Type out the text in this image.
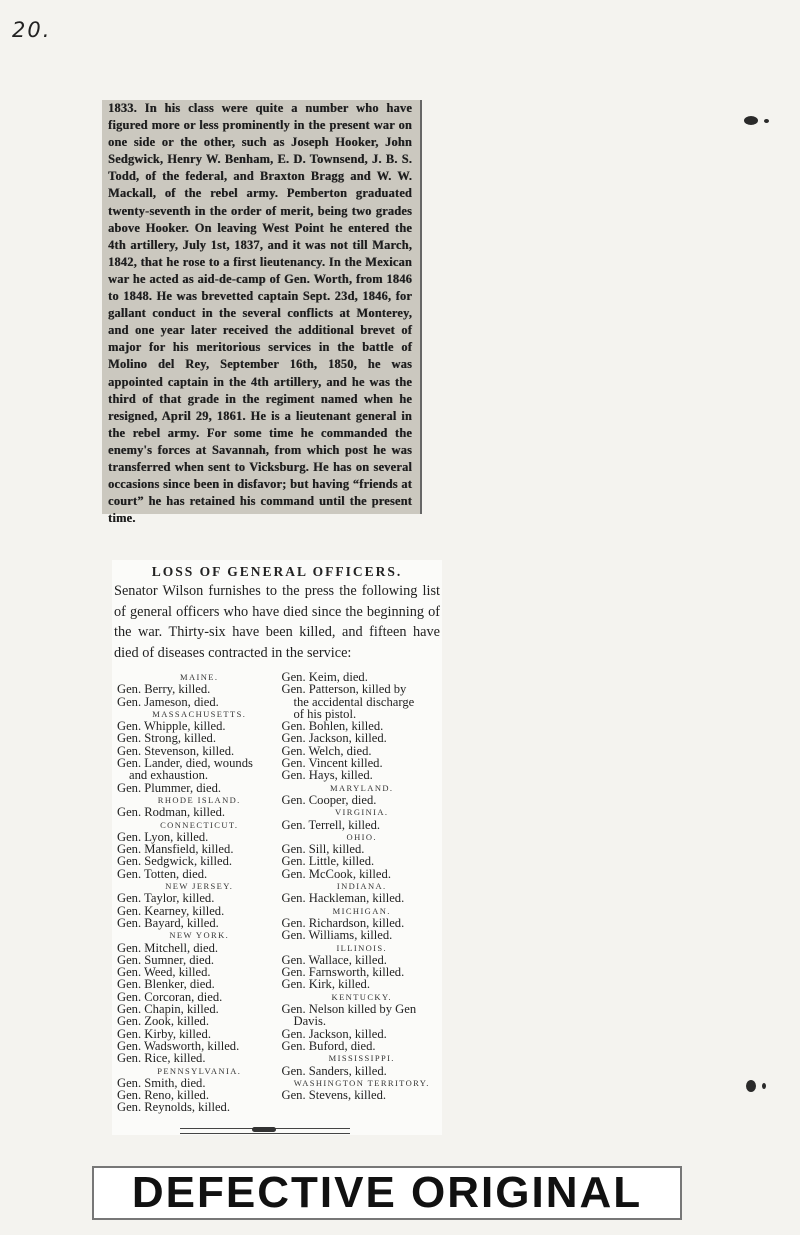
20.

1833. In his class were quite a number who have figured more or less prominently in the present war on one side or the other, such as Joseph Hooker, John Sedgwick, Henry W. Benham, E. D. Townsend, J. B. S. Todd, of the federal, and Braxton Bragg and W. W. Mackall, of the rebel army. Pemberton graduated twenty-seventh in the order of merit, being two grades above Hooker. On leaving West Point he entered the 4th artillery, July 1st, 1837, and it was not till March, 1842, that he rose to a first lieutenancy. In the Mexican war he acted as aid-de-camp of Gen. Worth, from 1846 to 1848. He was brevetted captain Sept. 23d, 1846, for gallant conduct in the several conflicts at Monterey, and one year later received the additional brevet of major for his meritorious services in the battle of Molino del Rey, September 16th, 1850, he was appointed captain in the 4th artillery, and he was the third of that grade in the regiment named when he resigned, April 29, 1861. He is a lieutenant general in the rebel army. For some time he commanded the enemy's forces at Savannah, from which post he was transferred when sent to Vicksburg. He has on several occasions since been in disfavor; but having “friends at court” he has retained his command until the present time.

LOSS OF GENERAL OFFICERS.

Senator Wilson furnishes to the press the following list of general officers who have died since the beginning of the war. Thirty-six have been killed, and fifteen have died of diseases contracted in the service:

MAINE.
Gen. Berry, killed.
Gen. Jameson, died.
MASSACHUSETTS.
Gen. Whipple, killed.
Gen. Strong, killed.
Gen. Stevenson, killed.
Gen. Lander, died, wounds
and exhaustion.
Gen. Plummer, died.
RHODE ISLAND.
Gen. Rodman, killed.
CONNECTICUT.
Gen. Lyon, killed.
Gen. Mansfield, killed.
Gen. Sedgwick, killed.
Gen. Totten, died.
NEW JERSEY.
Gen. Taylor, killed.
Gen. Kearney, killed.
Gen. Bayard, killed.
NEW YORK.
Gen. Mitchell, died.
Gen. Sumner, died.
Gen. Weed, killed.
Gen. Blenker, died.
Gen. Corcoran, died.
Gen. Chapin, killed.
Gen. Zook, killed.
Gen. Kirby, killed.
Gen. Wadsworth, killed.
Gen. Rice, killed.
PENNSYLVANIA.
Gen. Smith, died.
Gen. Reno, killed.
Gen. Reynolds, killed.
Gen. Keim, died.
Gen. Patterson, killed by
the accidental discharge
of his pistol.
Gen. Bohlen, killed.
Gen. Jackson, killed.
Gen. Welch, died.
Gen. Vincent killed.
Gen. Hays, killed.
MARYLAND.
Gen. Cooper, died.
VIRGINIA.
Gen. Terrell, killed.
OHIO.
Gen. Sill, killed.
Gen. Little, killed.
Gen. McCook, killed.
INDIANA.
Gen. Hackleman, killed.
MICHIGAN.
Gen. Richardson, killed.
Gen. Williams, killed.
ILLINOIS.
Gen. Wallace, killed.
Gen. Farnsworth, killed.
Gen. Kirk, killed.
KENTUCKY.
Gen. Nelson killed by Gen
Davis.
Gen. Jackson, killed.
Gen. Buford, died.
MISSISSIPPI.
Gen. Sanders, killed.
WASHINGTON TERRITORY.
Gen. Stevens, killed.
DEFECTIVE ORIGINAL
